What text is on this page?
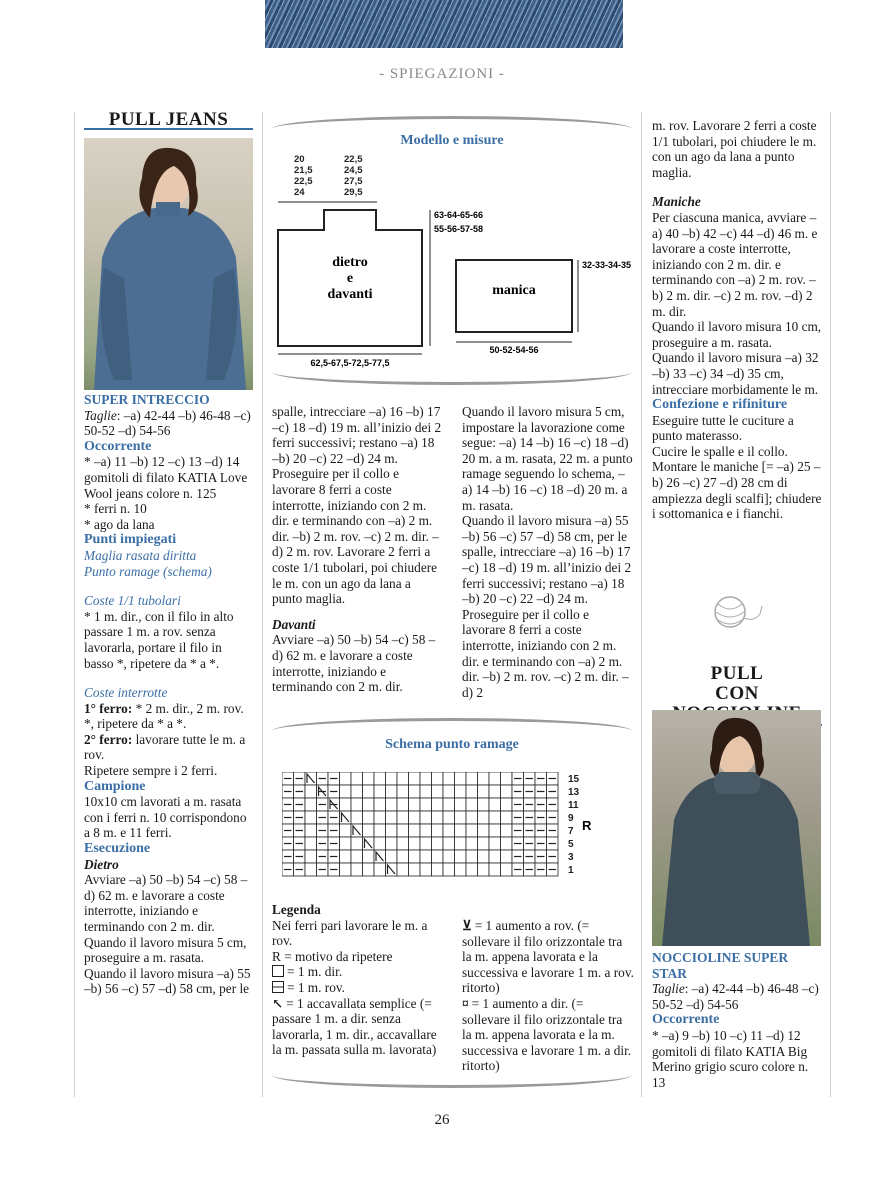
- SPIEGAZIONI -
PULL JEANS

SUPER INTRECCIO

Taglie: –a) 42-44 –b) 46-48 –c) 50-52 –d) 54-56

Occorrente

* –a) 11 –b) 12 –c) 13 –d) 14 gomitoli di filato KATIA Love Wool jeans colore n. 125

* ferri n. 10

* ago da lana

Punti impiegati

Maglia rasata diritta

Punto ramage (schema)

Coste 1/1 tubolari

* 1 m. dir., con il filo in alto passare 1 m. a rov. senza lavorarla, portare il filo in basso *, ripetere da * a *.

Coste interrotte

1° ferro: * 2 m. dir., 2 m. rov. *, ripetere da * a *.

2° ferro: lavorare tutte le m. a rov.

Ripetere sempre i 2 ferri.

Campione

10x10 cm lavorati a m. rasata con i ferri n. 10 corrispondono a 8 m. e 11 ferri.

Esecuzione

Dietro

Avviare –a) 50 –b) 54 –c) 58 –d) 62 m. e lavorare a coste interrotte, iniziando e terminando con 2 m. dir.

Quando il lavoro misura 5 cm, proseguire a m. rasata.

Quando il lavoro misura –a) 55 –b) 56 –c) 57 –d) 58 cm, per le

Modello e misure
20
21,5
22,5
24
22,5
24,5
27,5
29,5
63-64-65-66
55-56-57-58
dietro
e
davanti
62,5-67,5-72,5-77,5
manica
32-33-34-35
50-52-54-56

spalle, intrecciare –a) 16 –b) 17 –c) 18 –d) 19 m. all’inizio dei 2 ferri successivi; restano –a) 18 –b) 20 –c) 22 –d) 24 m.

Proseguire per il collo e lavorare 8 ferri a coste interrotte, iniziando con 2 m. dir. e terminando con –a) 2 m. dir. –b) 2 m. rov. –c) 2 m. dir. –d) 2 m. rov. Lavorare 2 ferri a coste 1/1 tubolari, poi chiudere le m. con un ago da lana a punto maglia.

Davanti

Avviare –a) 50 –b) 54 –c) 58 –d) 62 m. e lavorare a coste interrotte, iniziando e terminando con 2 m. dir.

Quando il lavoro misura 5 cm, impostare la lavorazione come segue: –a) 14 –b) 16 –c) 18 –d) 20 m. a m. rasata, 22 m. a punto ramage seguendo lo schema, –a) 14 –b) 16 –c) 18 –d) 20 m. a m. rasata.

Quando il lavoro misura –a) 55 –b) 56 –c) 57 –d) 58 cm, per le spalle, intrecciare –a) 16 –b) 17 –c) 18 –d) 19 m. all’inizio dei 2 ferri successivi; restano –a) 18 –b) 20 –c) 22 –d) 24 m.

Proseguire per il collo e lavorare 8 ferri a coste interrotte, iniziando con 2 m. dir. e terminando con –a) 2 m. dir. –b) 2 m. rov. –c) 2 m. dir. –d) 2

Schema punto ramage
15
13
11
9
7
5
3
1
R

Legenda

Nei ferri pari lavorare le m. a rov.

R = motivo da ripetere

= 1 m. dir.

= 1 m. rov.

↖ = 1 accavallata semplice (= passare 1 m. a dir. senza lavorarla, 1 m. dir., accavallare la m. passata sulla m. lavorata)

⊻ = 1 aumento a rov. (= sollevare il filo orizzontale tra la m. appena lavorata e la successiva e lavorare 1 m. a rov. ritorto)

¤ = 1 aumento a dir. (= sollevare il filo orizzontale tra la m. appena lavorata e la m. successiva e lavorare 1 m. a dir. ritorto)

m. rov. Lavorare 2 ferri a coste 1/1 tubolari, poi chiudere le m. con un ago da lana a punto maglia.

Maniche

Per ciascuna manica, avviare –a) 40 –b) 42 –c) 44 –d) 46 m. e lavorare a coste interrotte, iniziando con 2 m. dir. e terminando con –a) 2 m. rov. –b) 2 m. dir. –c) 2 m. rov. –d) 2 m. dir.

Quando il lavoro misura 10 cm, proseguire a m. rasata.

Quando il lavoro misura –a) 32 –b) 33 –c) 34 –d) 35 cm, intrecciare morbidamente le m.

Confezione e rifiniture

Eseguire tutte le cuciture a punto materasso.

Cucire le spalle e il collo. Montare le maniche [= –a) 25 –b) 26 –c) 27 –d) 28 cm di ampiezza degli scalfi]; chiudere i sottomanica e i fianchi.

PULL
CON

NOCCIOLINE SUPER STAR

Taglie: –a) 42-44 –b) 46-48 –c) 50-52 –d) 54-56

Occorrente

* –a) 9 –b) 10 –c) 11 –d) 12 gomitoli di filato KATIA Big Merino grigio scuro colore n. 13

26
